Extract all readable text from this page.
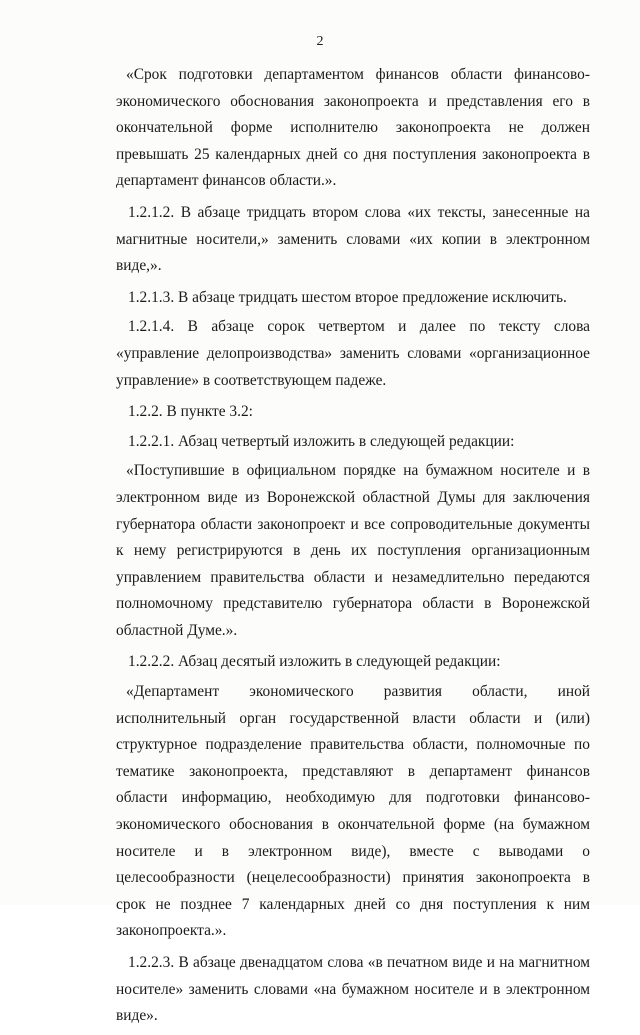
2

«Срок подготовки департаментом финансов области финансово-экономического обоснования законопроекта и представления его в окончательной форме исполнителю законопроекта не должен превышать 25 календарных дней со дня поступления законопроекта в департамент финансов области.».

1.2.1.2. В абзаце тридцать втором слова «их тексты, занесенные на магнитные носители,» заменить словами «их копии в электронном виде,».

1.2.1.3. В абзаце тридцать шестом второе предложение исключить.

1.2.1.4. В абзаце сорок четвертом и далее по тексту слова «управление делопроизводства» заменить словами «организационное управление» в соответствующем падеже.

1.2.2. В пункте 3.2:

1.2.2.1. Абзац четвертый изложить в следующей редакции:

«Поступившие в официальном порядке на бумажном носителе и в электронном виде из Воронежской областной Думы для заключения губернатора области законопроект и все сопроводительные документы к нему регистрируются в день их поступления организационным управлением правительства области и незамедлительно передаются полномочному представителю губернатора области в Воронежской областной Думе.».

1.2.2.2. Абзац десятый изложить в следующей редакции:

«Департамент экономического развития области, иной исполнительный орган государственной власти области и (или) структурное подразделение правительства области, полномочные по тематике законопроекта, представляют в департамент финансов области информацию, необходимую для подготовки финансово-экономического обоснования в окончательной форме (на бумажном носителе и в электронном виде), вместе с выводами о целесообразности (нецелесообразности) принятия законопроекта в срок не позднее 7 календарных дней со дня поступления к ним законопроекта.».

1.2.2.3. В абзаце двенадцатом слова «в печатном виде и на магнитном носителе» заменить словами «на бумажном носителе и в электронном виде».
